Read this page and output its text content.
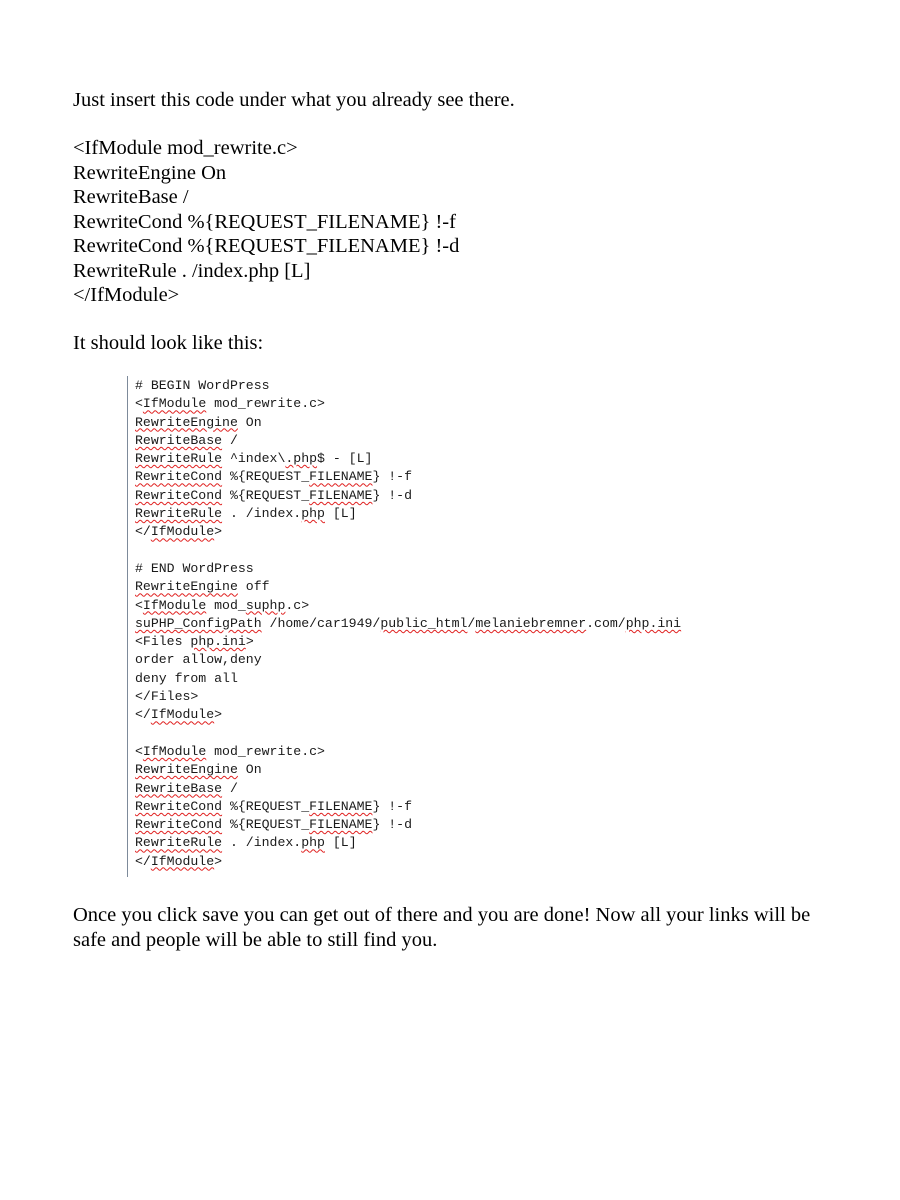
Just insert this code under what you already see there.

<IfModule mod_rewrite.c>
RewriteEngine On
RewriteBase /
RewriteCond %{REQUEST_FILENAME} !-f
RewriteCond %{REQUEST_FILENAME} !-d
RewriteRule . /index.php [L]
</IfModule>

It should look like this:

# BEGIN WordPress
<IfModule mod_rewrite.c>
RewriteEngine On
RewriteBase /
RewriteRule ^index\.php$ - [L]
RewriteCond %{REQUEST_FILENAME} !-f
RewriteCond %{REQUEST_FILENAME} !-d
RewriteRule . /index.php [L]
</IfModule>
# END WordPress
RewriteEngine off
<IfModule mod_suphp.c>
suPHP_ConfigPath /home/car1949/public_html/melaniebremner.com/php.ini
<Files php.ini>
order allow,deny
deny from all
</Files>
</IfModule>
<IfModule mod_rewrite.c>
RewriteEngine On
RewriteBase /
RewriteCond %{REQUEST_FILENAME} !-f
RewriteCond %{REQUEST_FILENAME} !-d
RewriteRule . /index.php [L]
</IfModule>

Once you click save you can get out of there and you are done! Now all your links will be safe and people will be able to still find you.
